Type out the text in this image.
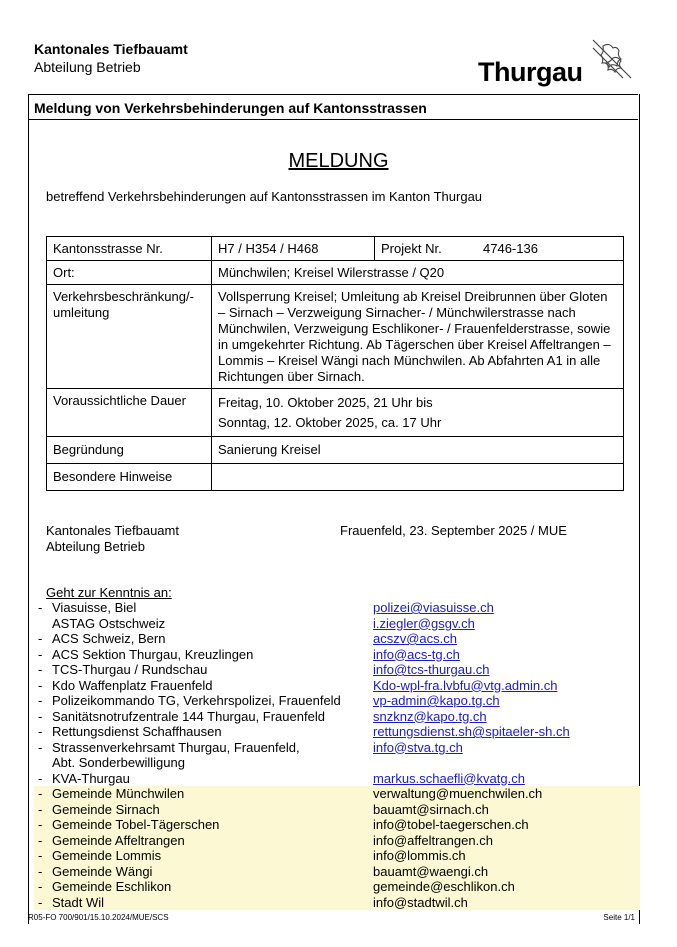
Kantonales Tiefbauamt
Abteilung Betrieb	Thurgau
Meldung von Verkehrsbehinderungen auf Kantonsstrassen
MELDUNG
betreffend Verkehrsbehinderungen auf Kantonsstrassen im Kanton Thurgau
Kantonsstrasse Nr.	H7 / H354 / H468 Projekt Nr. 4746-136

Ort:	Münchwilen; Kreisel Wilerstrasse / Q20
Verkehrsbeschränkung/-umleitung	Vollsperrung Kreisel; Umleitung ab Kreisel Dreibrunnen über Gloten – Sirnach – Verzweigung Sirnacher- / Münchwilerstrasse nach Münchwilen, Verzweigung Eschlikoner- / Frauenfelderstrasse, sowie in umgekehrter Richtung. Ab Tägerschen über Kreisel Affeltrangen – Lommis – Kreisel Wängi nach Münchwilen. Ab Abfahrten A1 in alle Richtungen über Sirnach.
Voraussichtliche Dauer	Freitag, 10. Oktober 2025, 21 Uhr bis
Sonntag, 12. Oktober 2025, ca. 17 Uhr

Begründung	Sanierung Kreisel
Besondere Hinweise	
Kantonales Tiefbauamt
Abteilung Betrieb
Frauenfeld, 23. September 2025 / MUE
Geht zur Kenntnis an:
- Viasuisse, Biel	polizei@viasuisse.ch
ASTAG Ostschweiz	i.ziegler@gsgv.ch
- ACS Schweiz, Bern	acszv@acs.ch
- ACS Sektion Thurgau, Kreuzlingen	info@acs-tg.ch
- TCS-Thurgau / Rundschau	info@tcs-thurgau.ch
- Kdo Waffenplatz Frauenfeld	Kdo-wpl-fra.lvbfu@vtg.admin.ch
- Polizeikommando TG, Verkehrspolizei, Frauenfeld vp-admin@kapo.tg.ch
- Sanitätsnotrufzentrale 144 Thurgau, Frauenfeld	snzknz@kapo.tg.ch
- Rettungsdienst Schaffhausen	rettungsdienst.sh@spitaeler-sh.ch
- Strassenverkehrsamt Thurgau, Frauenfeld,
Abt. Sonderbewilligung
info@stva.tg.ch
- KVA-Thurgau	markus.schaefli@kvatg.ch
- Gemeinde Münchwilen	verwaltung@muenchwilen.ch
- Gemeinde Sirnach	bauamt@sirnach.ch
- Gemeinde Tobel-Tägerschen	info@tobel-taegerschen.ch
- Gemeinde Affeltrangen	info@affeltrangen.ch
- Gemeinde Lommis	info@lommis.ch
- Gemeinde Wängi	bauamt@waengi.ch
- Gemeinde Eschlikon	gemeinde@eschlikon.ch
- Stadt Wil	info@stadtwil.ch
R05-FO 700/901/15.10.2024/MUE/SCS	Seite 1/1
